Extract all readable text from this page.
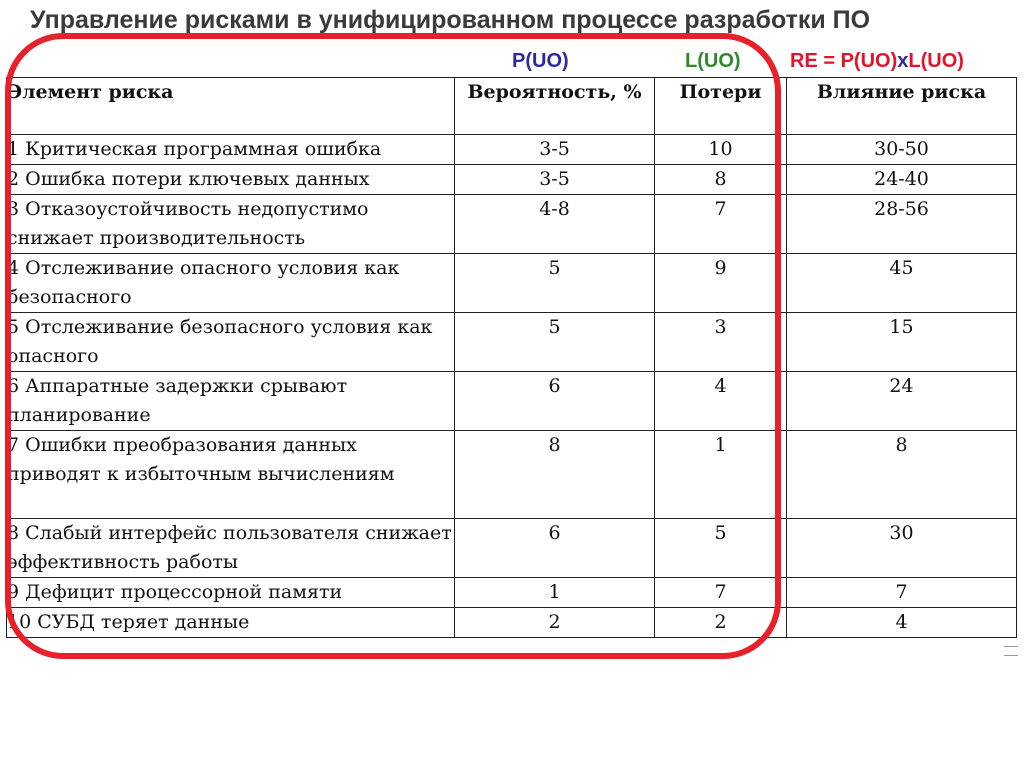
Управление рисками в унифицированном процессе разработки ПО
P(UO)	L(UO) RE = P(UO)xL(UO)
Элемент риска	Вероятность, %	Потери	Влияние риска
1 Критическая программная ошибка	3-5	10	30-50
2 Ошибка потери ключевых данных	3-5	8	24-40
3 Отказоустойчивость недопустимо снижает производительность	4-8	7	28-56
4 Отслеживание опасного условия как безопасного	5	9	45
5 Отслеживание безопасного условия как опасного	5	3	15
6 Аппаратные задержки срывают планирование	6	4	24
7 Ошибки преобразования данных приводят к избыточным вычислениям	8	1	8
8 Слабый интерфейс пользователя снижает эффективность работы	6	5	30
9 Дефицит процессорной памяти	1	7	7
10 СУБД теряет данные	2	2	4
